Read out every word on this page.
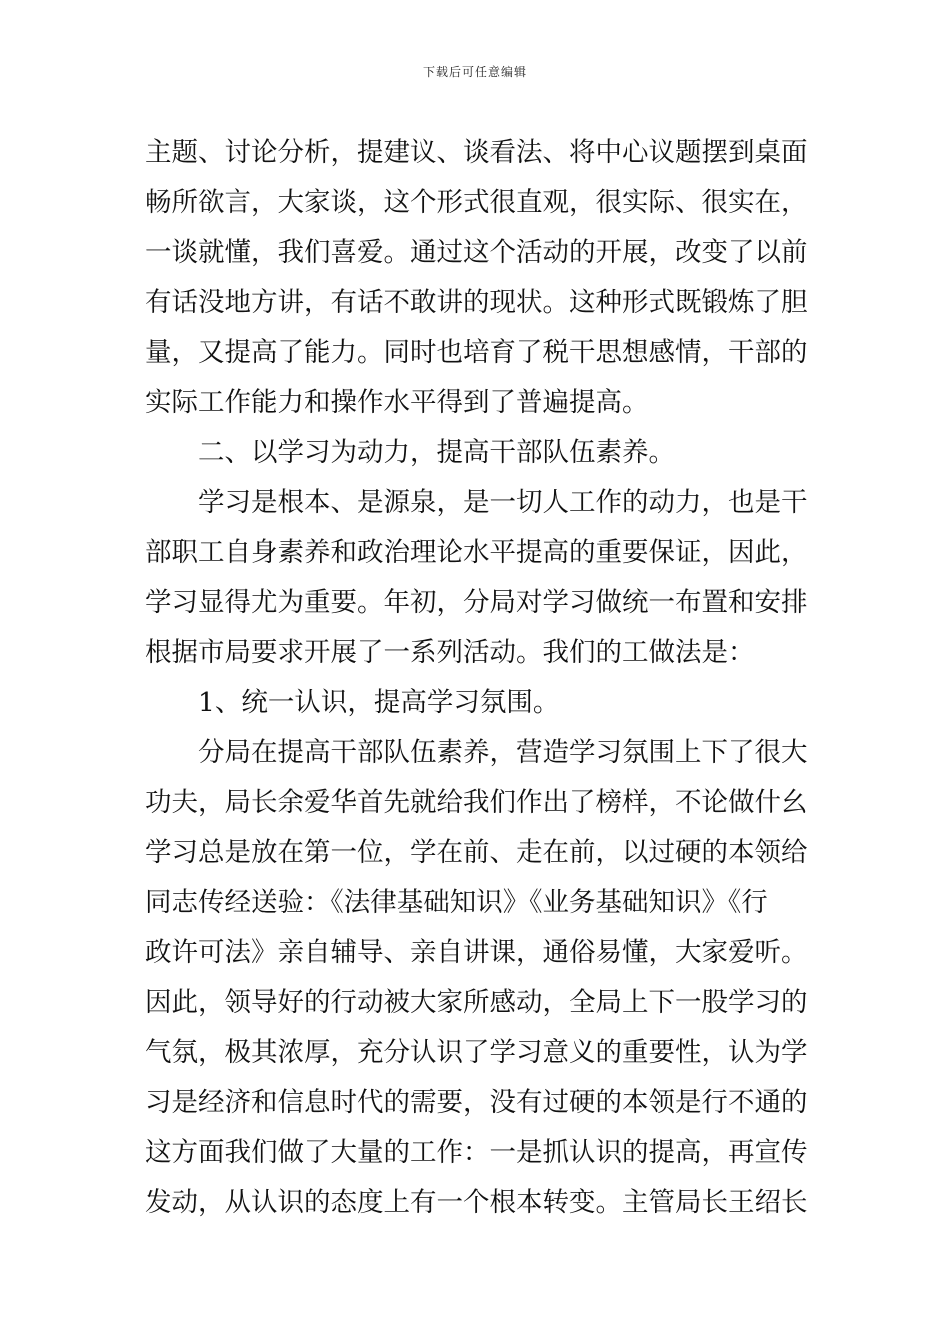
下载后可任意编辑
主题、讨论分析，提建议、谈看法、将中心议题摆到桌面
畅所欲言，大家谈，这个形式很直观，很实际、很实在，
一谈就懂，我们喜爱。通过这个活动的开展，改变了以前
有话没地方讲，有话不敢讲的现状。这种形式既锻炼了胆
量，又提高了能力。同时也培育了税干思想感情，干部的
实际工作能力和操作水平得到了普遍提高。
二、以学习为动力，提高干部队伍素养。
学习是根本、是源泉，是一切人工作的动力，也是干
部职工自身素养和政治理论水平提高的重要保证，因此，
学习显得尤为重要。年初，分局对学习做统一布置和安排
根据市局要求开展了一系列活动。我们的工做法是：
1、统一认识，提高学习氛围。
分局在提高干部队伍素养，营造学习氛围上下了很大
功夫，局长余爱华首先就给我们作出了榜样，不论做什幺
学习总是放在第一位，学在前、走在前，以过硬的本领给
同志传经送验：《法律基础知识》《业务基础知识》《行
政许可法》亲自辅导、亲自讲课，通俗易懂，大家爱听。
因此，领导好的行动被大家所感动，全局上下一股学习的
气氛，极其浓厚，充分认识了学习意义的重要性，认为学
习是经济和信息时代的需要，没有过硬的本领是行不通的
这方面我们做了大量的工作：一是抓认识的提高，再宣传
发动，从认识的态度上有一个根本转变。主管局长王绍长
